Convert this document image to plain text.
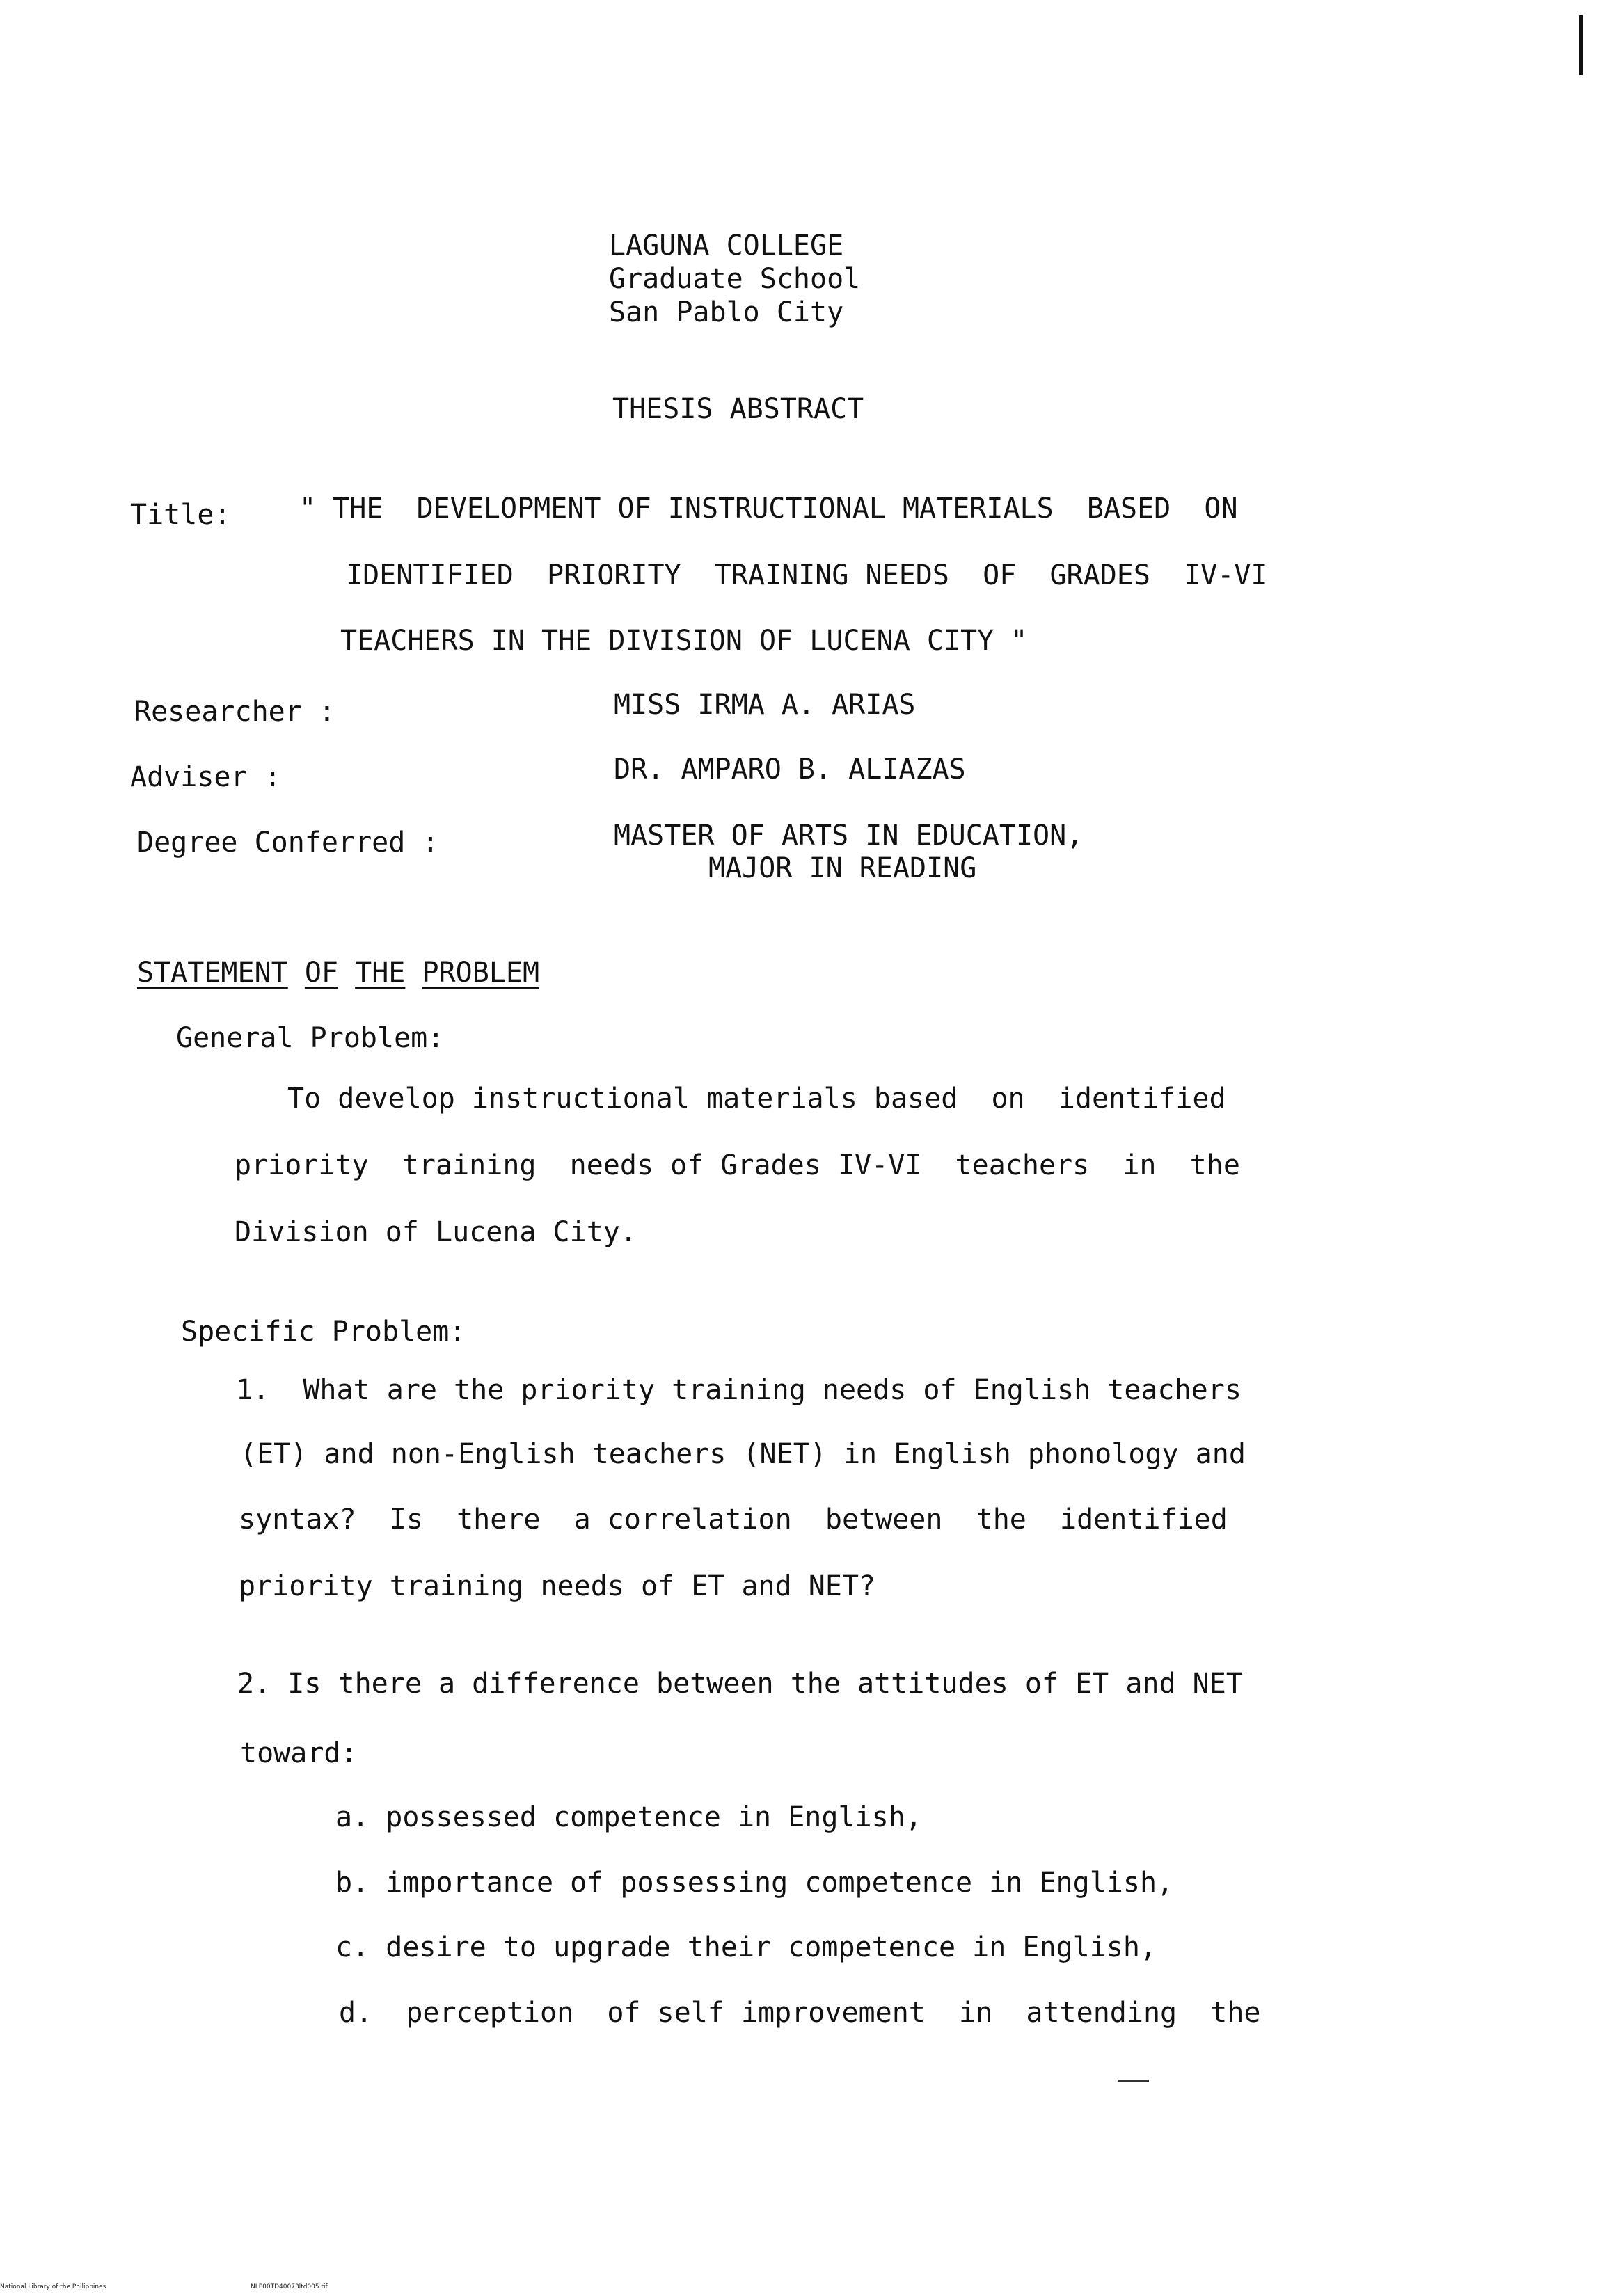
LAGUNA COLLEGE
Graduate School
San Pablo City
THESIS ABSTRACT
Title: " THE  DEVELOPMENT OF INSTRUCTIONAL MATERIALS  BASED  ON
IDENTIFIED  PRIORITY  TRAINING NEEDS  OF  GRADES  IV-VI
TEACHERS IN THE DIVISION OF LUCENA CITY "
Researcher :	MISS IRMA A. ARIAS
Adviser :	DR. AMPARO B. ALIAZAS
Degree Conferred :	MASTER OF ARTS IN EDUCATION,
MAJOR IN READING
STATEMENT OF THE PROBLEM
General Problem:
To develop instructional materials based  on  identified
priority  training  needs of Grades IV-VI  teachers  in  the
Division of Lucena City.
Specific Problem:
1.  What are the priority training needs of English teachers
(ET) and non-English teachers (NET) in English phonology and
syntax?  Is  there  a correlation  between  the  identified
priority training needs of ET and NET?
2. Is there a difference between the attitudes of ET and NET
toward:
a. possessed competence in English,
b. importance of possessing competence in English,
c. desire to upgrade their competence in English,
d.  perception  of self improvement  in  attending  the
National Library of the Philippines	NLP00TD40073ltd005.tif
